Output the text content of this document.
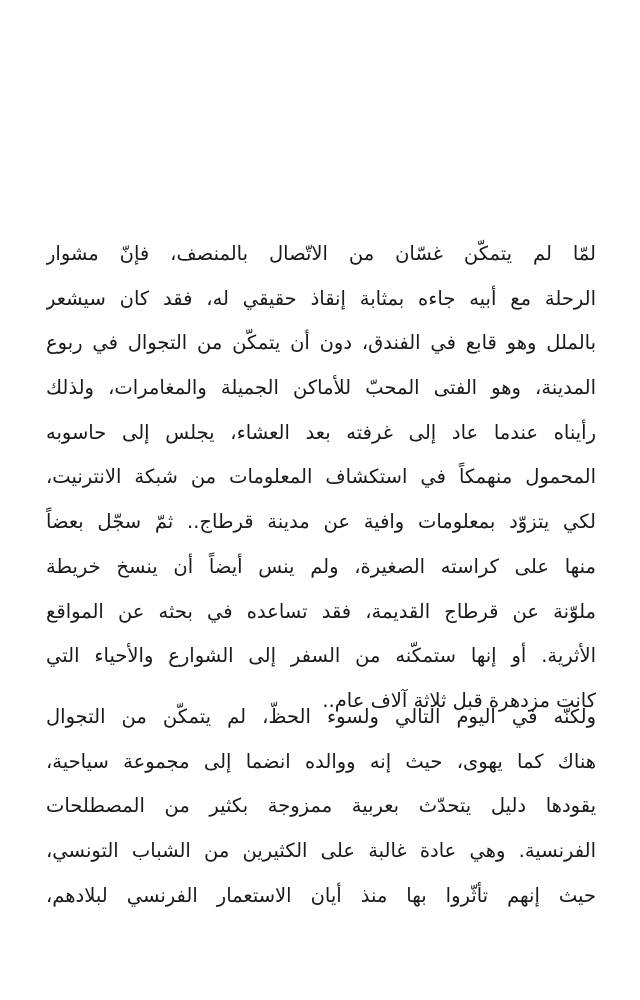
لمّا لم يتمكّن غسّان من الاتّصال بالمنصف، فإنّ مشوار
الرحلة مع أبيه جاءه بمثابة إنقاذ حقيقي له، فقد كان سيشعر
بالملل وهو قابع في الفندق، دون أن يتمكّن من التجوال في ربوع
المدينة، وهو الفتى المحبّ للأماكن الجميلة والمغامرات، ولذلك
رأيناه عندما عاد إلى غرفته بعد العشاء، يجلس إلى حاسوبه
المحمول منهمكاً في استكشاف المعلومات من شبكة الانترنيت،
لكي يتزوّد بمعلومات وافية عن مدينة قرطاج.. ثمّ سجّل بعضاً
منها على كراسته الصغيرة، ولم ينس أيضاً أن ينسخ خريطة
ملوّنة عن قرطاج القديمة، فقد تساعده في بحثه عن المواقع
الأثرية. أو إنها ستمكّنه من السفر إلى الشوارع والأحياء التي
كانت مزدهرة قبل ثلاثة آلاف عام..
ولكنّه في اليوم التالي ولسوء الحظّ، لم يتمكّن من التجوال
هناك كما يهوى، حيث إنه ووالده انضما إلى مجموعة سياحية،
يقودها دليل يتحدّث بعربية ممزوجة بكثير من المصطلحات
الفرنسية. وهي عادة غالبة على الكثيرين من الشباب التونسي،
حيث إنهم تأثّروا بها منذ أيان الاستعمار الفرنسي لبلادهم،
